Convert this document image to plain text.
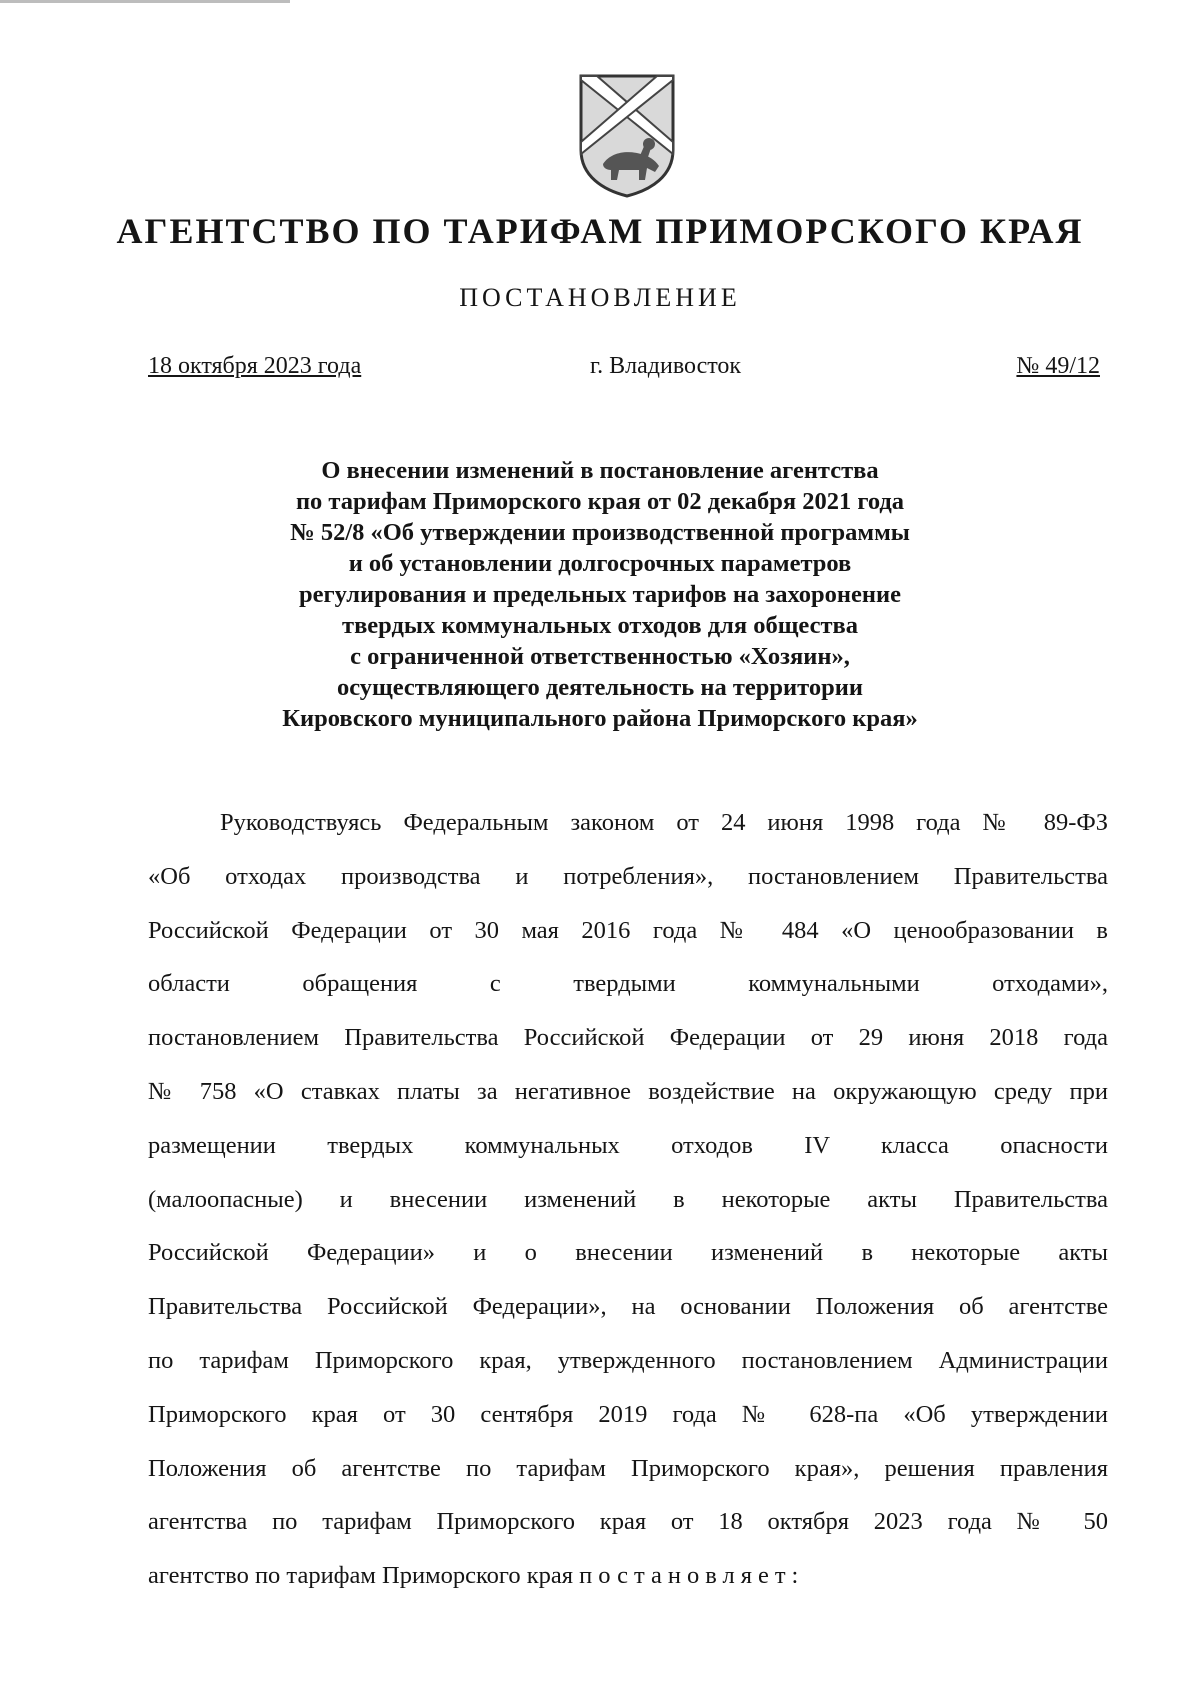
АГЕНТСТВО ПО ТАРИФАМ ПРИМОРСКОГО КРАЯ
ПОСТАНОВЛЕНИЕ
18 октября 2023 года	г. Владивосток	№ 49/12
О внесении изменений в постановление агентства
по тарифам Приморского края от 02 декабря 2021 года
№ 52/8 «Об утверждении производственной программы
и об установлении долгосрочных параметров
регулирования и предельных тарифов на захоронение
твердых коммунальных отходов для общества
с ограниченной ответственностью «Хозяин»,
осуществляющего деятельность на территории
Кировского муниципального района Приморского края»
Руководствуясь Федеральным законом от 24 июня 1998 года № 89-ФЗ
«Об отходах производства и потребления», постановлением Правительства
Российской Федерации от 30 мая 2016 года № 484 «О ценообразовании в
области обращения с твердыми коммунальными отходами»,
постановлением Правительства Российской Федерации от 29 июня 2018 года
№ 758 «О ставках платы за негативное воздействие на окружающую среду при
размещении твердых коммунальных отходов IV класса опасности
(малоопасные) и внесении изменений в некоторые акты Правительства
Российской Федерации» и о внесении изменений в некоторые акты
Правительства Российской Федерации», на основании Положения об агентстве
по тарифам Приморского края, утвержденного постановлением Администрации
Приморского края от 30 сентября 2019 года № 628-па «Об утверждении
Положения об агентстве по тарифам Приморского края», решения правления
агентства по тарифам Приморского края от 18 октября 2023 года № 50
агентство по тарифам Приморского края постановляет:
